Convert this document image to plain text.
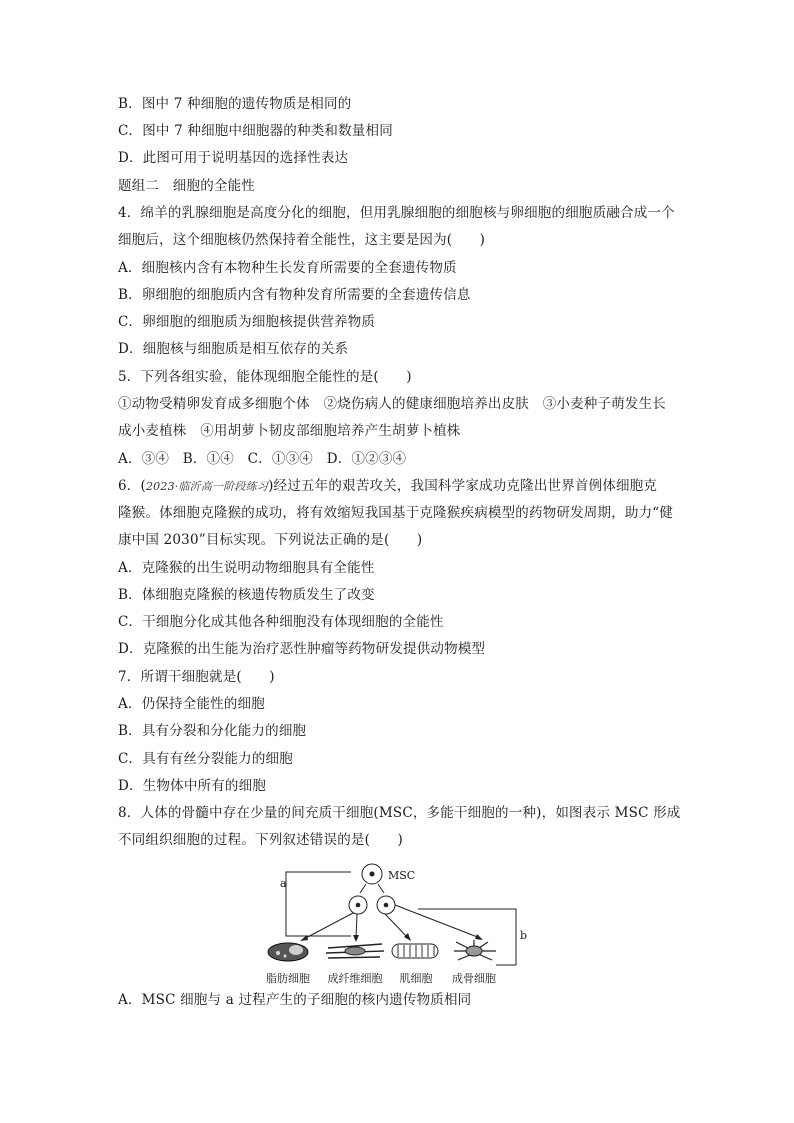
B．图中 7 种细胞的遗传物质是相同的
C．图中 7 种细胞中细胞器的种类和数量相同
D．此图可用于说明基因的选择性表达
题组二　细胞的全能性
4．绵羊的乳腺细胞是高度分化的细胞，但用乳腺细胞的细胞核与卵细胞的细胞质融合成一个
细胞后，这个细胞核仍然保持着全能性，这主要是因为(　　)
A．细胞核内含有本物种生长发育所需要的全套遗传物质
B．卵细胞的细胞质内含有物种发育所需要的全套遗传信息
C．卵细胞的细胞质为细胞核提供营养物质
D．细胞核与细胞质是相互依存的关系
5．下列各组实验，能体现细胞全能性的是(　　)
①动物受精卵发育成多细胞个体　②烧伤病人的健康细胞培养出皮肤　③小麦种子萌发生长
成小麦植株　④用胡萝卜韧皮部细胞培养产生胡萝卜植株
A．③④　B．①④　C．①③④　D．①②③④
6．(2023·临沂高一阶段练习)经过五年的艰苦攻关，我国科学家成功克隆出世界首例体细胞克
隆猴。体细胞克隆猴的成功，将有效缩短我国基于克隆猴疾病模型的药物研发周期，助力“健
康中国 2030”目标实现。下列说法正确的是(　　)
A．克隆猴的出生说明动物细胞具有全能性
B．体细胞克隆猴的核遗传物质发生了改变
C．干细胞分化成其他各种细胞没有体现细胞的全能性
D．克隆猴的出生能为治疗恶性肿瘤等药物研发提供动物模型
7．所谓干细胞就是(　　)
A．仍保持全能性的细胞
B．具有分裂和分化能力的细胞
C．具有有丝分裂能力的细胞
D．生物体中所有的细胞
8．人体的骨髓中存在少量的间充质干细胞(MSC，多能干细胞的一种)，如图表示 MSC 形成
不同组织细胞的过程。下列叙述错误的是(　　)
a
MSC
b
脂肪细胞 成纤维细胞 肌细胞 成骨细胞
A．MSC 细胞与 a 过程产生的子细胞的核内遗传物质相同
